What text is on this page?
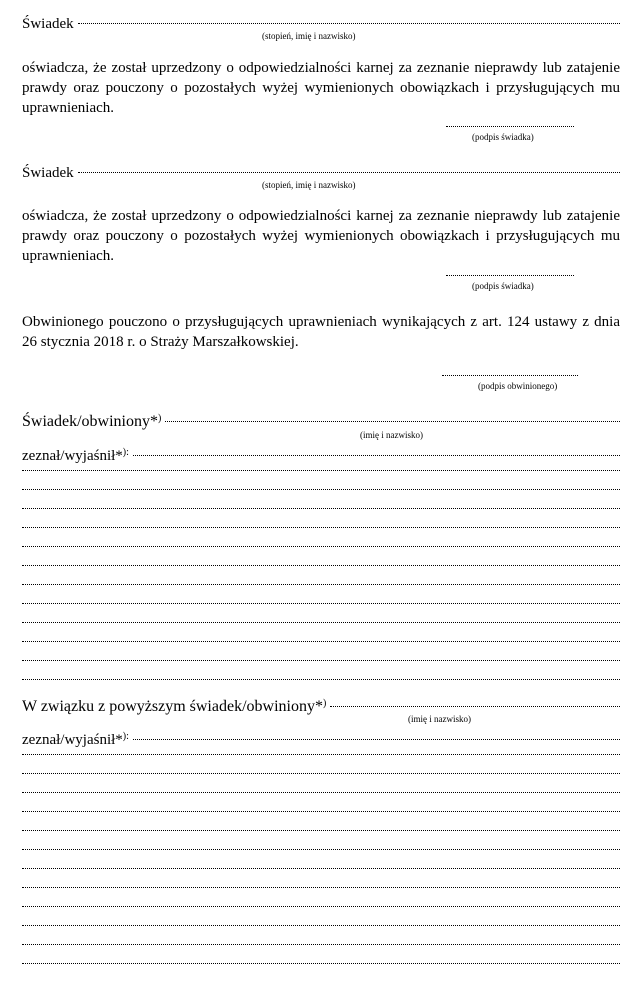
Świadek
(stopień, imię i nazwisko)
oświadcza, że został uprzedzony o odpowiedzialności karnej za zeznanie nieprawdy lub zatajenie prawdy oraz pouczony o pozostałych wyżej wymienionych obowiązkach i przysługujących mu uprawnieniach.
(podpis świadka)
Świadek
(stopień, imię i nazwisko)
oświadcza, że został uprzedzony o odpowiedzialności karnej za zeznanie nieprawdy lub zatajenie prawdy oraz pouczony o pozostałych wyżej wymienionych obowiązkach i przysługujących mu uprawnieniach.
(podpis świadka)
Obwinionego pouczono o przysługujących uprawnieniach wynikających z art. 124 ustawy z dnia 26 stycznia 2018 r. o Straży Marszałkowskiej.
(podpis obwinionego)
Świadek/obwiniony*)
(imię i nazwisko)
zeznał/wyjaśnił*):
W związku z powyższym świadek/obwiniony*)
(imię i nazwisko)
zeznał/wyjaśnił*):
